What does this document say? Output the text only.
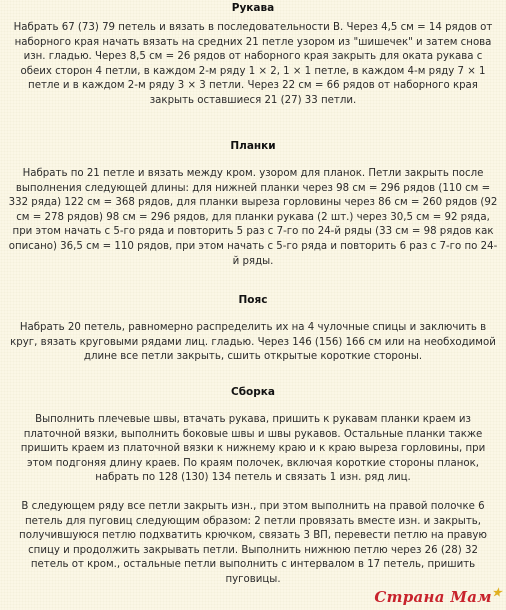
Рукава

Набрать 67 (73) 79 петель и вязать в последовательности В. Через 4,5 см = 14 рядов от наборного края начать вязать на средних 21 петле узором из "шишечек" и затем снова изн. гладью. Через 8,5 см = 26 рядов от наборного края закрыть для оката рукава с обеих сторон 4 петли, в каждом 2-м ряду 1 × 2, 1 × 1 петле, в каждом 4-м ряду 7 × 1 петле и в каждом 2-м ряду 3 × 3 петли. Через 22 см = 66 рядов от наборного края закрыть оставшиеся 21 (27) 33 петли.

Планки

Набрать по 21 петле и вязать между кром. узором для планок. Петли закрыть после выполнения следующей длины: для нижней планки через 98 см = 296 рядов (110 см = 332 ряда) 122 см = 368 рядов, для планки выреза горловины через 86 см = 260 рядов (92 см = 278 рядов) 98 см = 296 рядов, для планки рукава (2 шт.) через 30,5 см = 92 ряда, при этом начать с 5-го ряда и повторить 5 раз с 7-го по 24-й ряды (33 см = 98 рядов как описано) 36,5 см = 110 рядов, при этом начать с 5-го ряда и повторить 6 раз с 7-го по 24-й ряды.

Пояс

Набрать 20 петель, равномерно распределить их на 4 чулочные спицы и заключить в круг, вязать круговыми рядами лиц. гладью. Через 146 (156) 166 см или на необходимой длине все петли закрыть, сшить открытые короткие стороны.

Сборка

Выполнить плечевые швы, втачать рукава, пришить к рукавам планки краем из платочной вязки, выполнить боковые швы и швы рукавов. Остальные планки также пришить краем из платочной вязки к нижнему краю и к краю выреза горловины, при этом подгоняя длину краев. По краям полочек, включая короткие стороны планок, набрать по 128 (130) 134 петель и связать 1 изн. ряд лиц.

В следующем ряду все петли закрыть изн., при этом выполнить на правой полочке 6 петель для пуговиц следующим образом: 2 петли провязать вместе изн. и закрыть, получившуюся петлю подхватить крючком, связать 3 ВП, перевести петлю на правую спицу и продолжить закрывать петли. Выполнить нижнюю петлю через 26 (28) 32 петель от кром., остальные петли выполнить с интервалом в 17 петель, пришить пуговицы.

Страна Мам★
